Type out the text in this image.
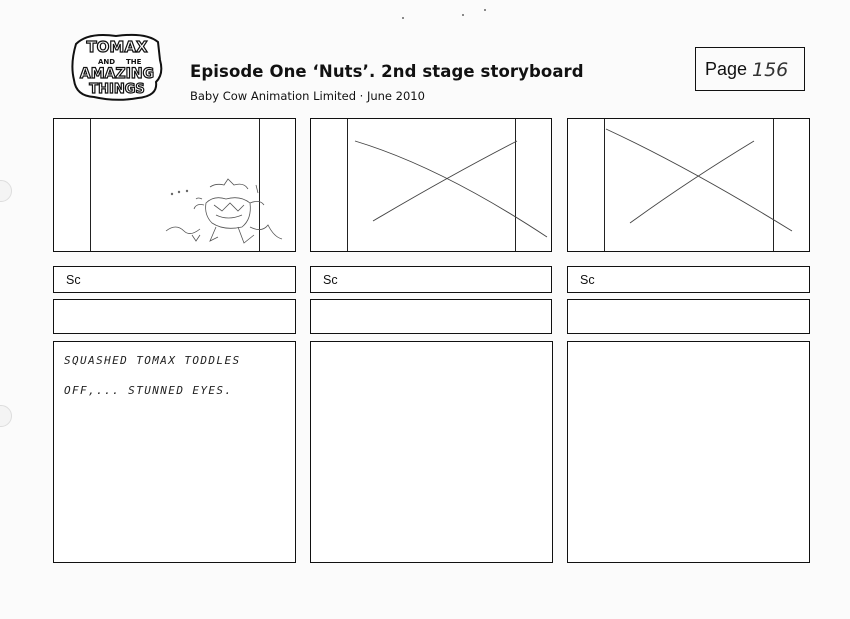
TOMAX
AND THE
AMAZING
THINGS
Episode One ‘Nuts’. 2nd stage storyboard
Baby Cow Animation Limited · June 2010
Page 156
Sc
SQUASHED TOMAX TODDLES
OFF,... STUNNED EYES.
Sc	Sc
